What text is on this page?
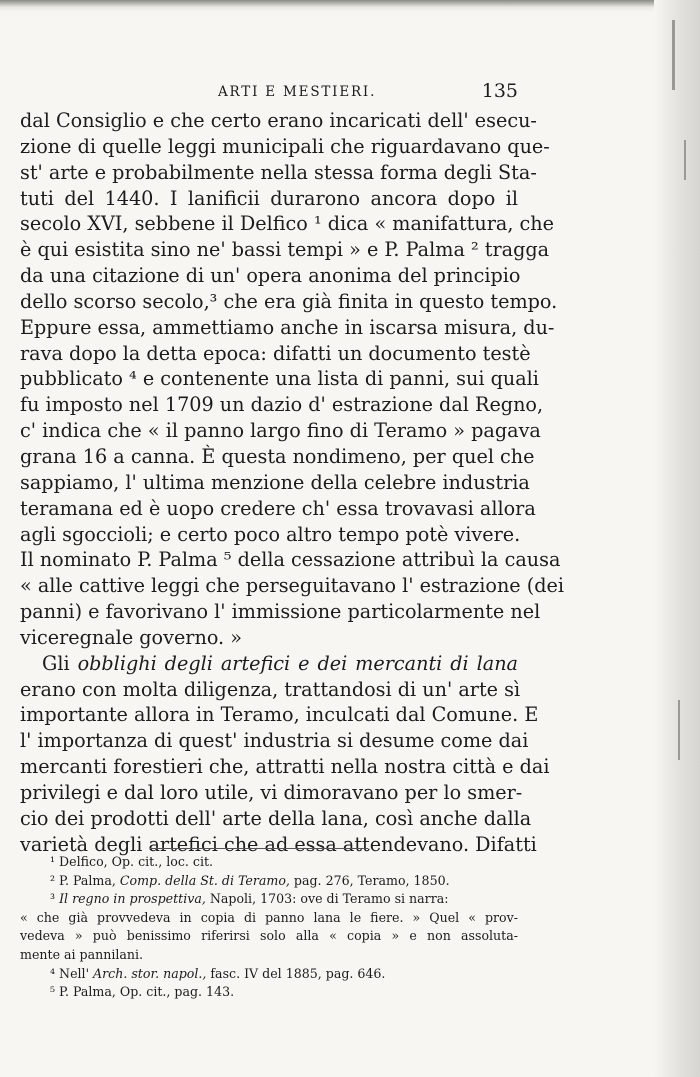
ARTI E MESTIERI.	135
dal Consiglio e che certo erano incaricati dell' esecu-
zione di quelle leggi municipali che riguardavano que-
st' arte e probabilmente nella stessa forma degli Sta-
tuti del 1440. I lanificii durarono ancora dopo il
secolo XVI, sebbene il Delfico ¹ dica « manifattura, che
è qui esistita sino ne' bassi tempi » e P. Palma ² tragga
da una citazione di un' opera anonima del principio
dello scorso secolo,³ che era già finita in questo tempo.
Eppure essa, ammettiamo anche in iscarsa misura, du-
rava dopo la detta epoca: difatti un documento testè
pubblicato ⁴ e contenente una lista di panni, sui quali
fu imposto nel 1709 un dazio d' estrazione dal Regno,
c' indica che « il panno largo fino di Teramo » pagava
grana 16 a canna. È questa nondimeno, per quel che
sappiamo, l' ultima menzione della celebre industria
teramana ed è uopo credere ch' essa trovavasi allora
agli sgoccioli; e certo poco altro tempo potè vivere.
Il nominato P. Palma ⁵ della cessazione attribuì la causa
« alle cattive leggi che perseguitavano l' estrazione (dei
panni) e favorivano l' immissione particolarmente nel
viceregnale governo. »
Gli obblighi degli artefici e dei mercanti di lana
erano con molta diligenza, trattandosi di un' arte sì
importante allora in Teramo, inculcati dal Comune. E
l' importanza di quest' industria si desume come dai
mercanti forestieri che, attratti nella nostra città e dai
privilegi e dal loro utile, vi dimoravano per lo smer-
cio dei prodotti dell' arte della lana, così anche dalla
varietà degli artefici che ad essa attendevano. Difatti
¹ Delfico, Op. cit., loc. cit.
² P. Palma, Comp. della St. di Teramo, pag. 276, Teramo, 1850.
³ Il regno in prospettiva, Napoli, 1703: ove di Teramo si narra:
« che già provvedeva in copia di panno lana le fiere. » Quel « prov-
vedeva » può benissimo riferirsi solo alla « copia » e non assoluta-
mente ai pannilani.
⁴ Nell' Arch. stor. napol., fasc. IV del 1885, pag. 646.
⁵ P. Palma, Op. cit., pag. 143.
